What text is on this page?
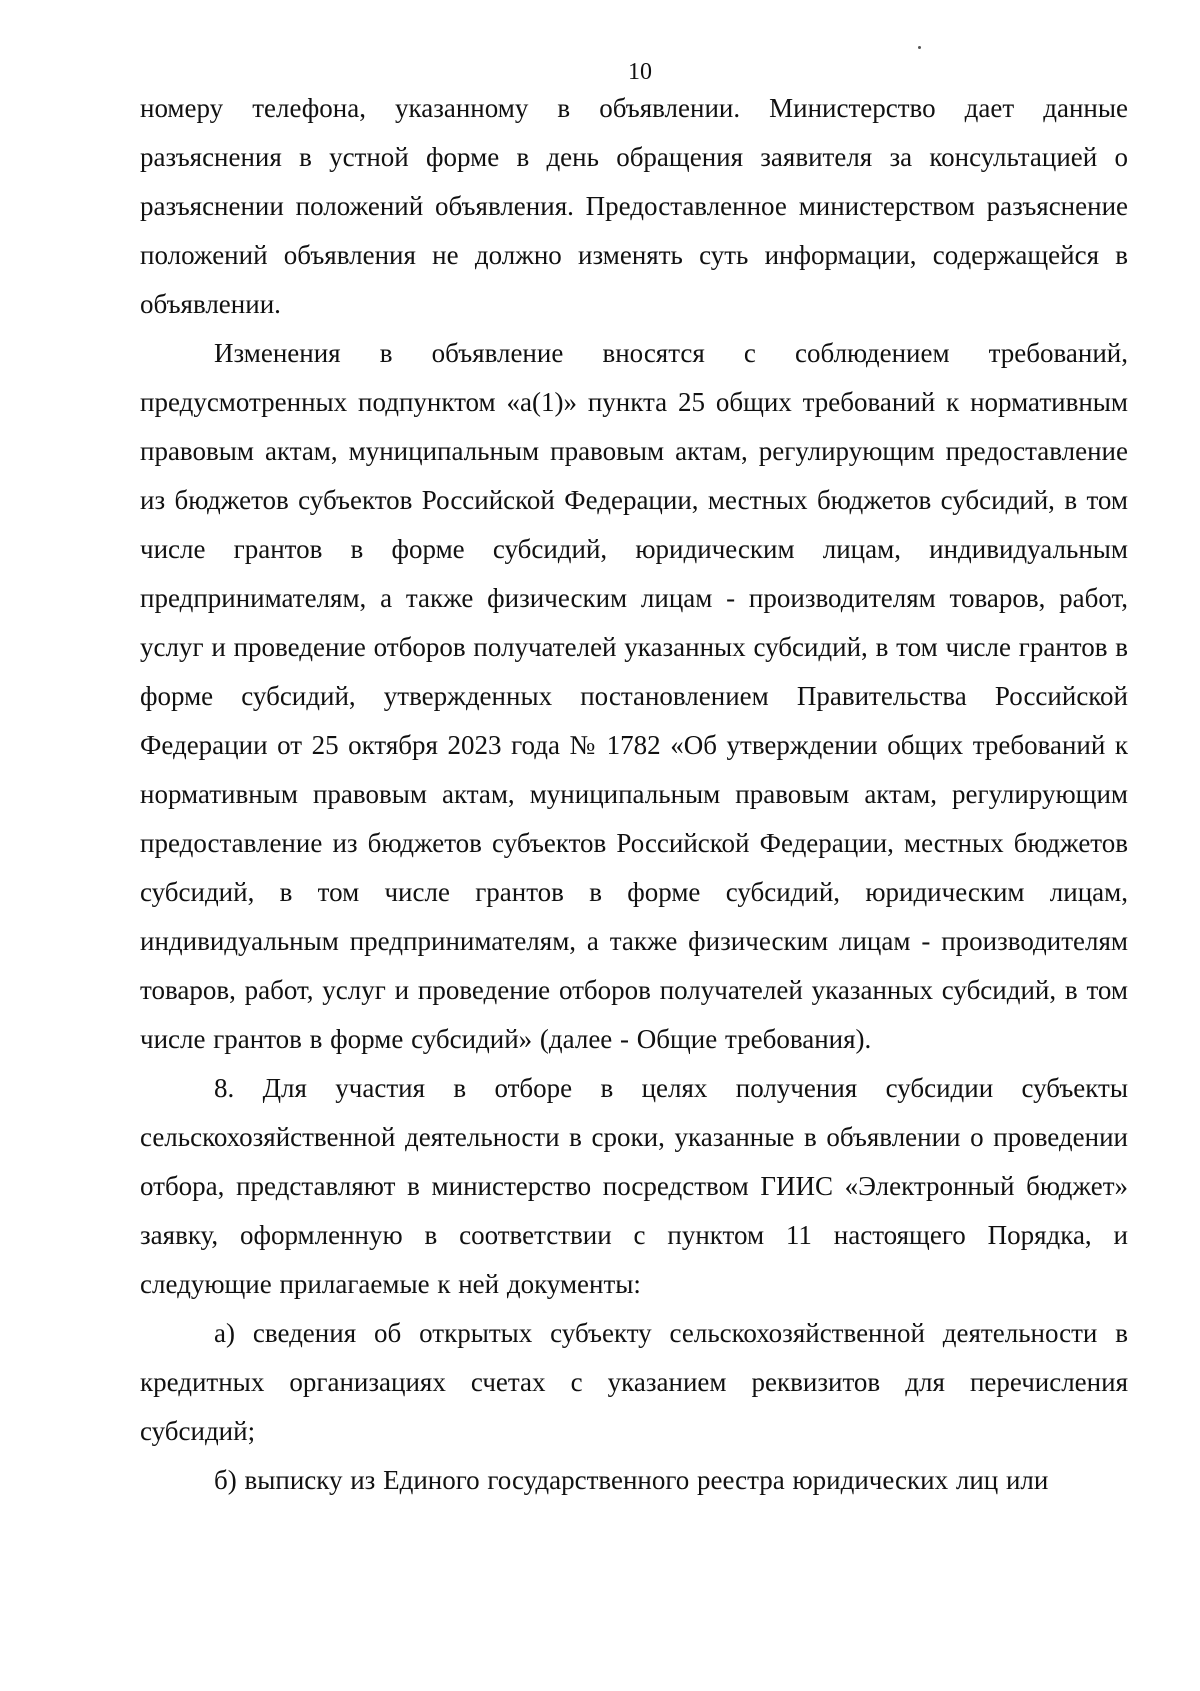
10

номеру телефона, указанному в объявлении. Министерство дает данные разъяснения в устной форме в день обращения заявителя за консультацией о разъяснении положений объявления. Предоставленное министерством разъяснение положений объявления не должно изменять суть информации, содержащейся в объявлении.

Изменения в объявление вносятся с соблюдением требований, предусмотренных подпунктом «а(1)» пункта 25 общих требований к нормативным правовым актам, муниципальным правовым актам, регулирующим предоставление из бюджетов субъектов Российской Федерации, местных бюджетов субсидий, в том числе грантов в форме субсидий, юридическим лицам, индивидуальным предпринимателям, а также физическим лицам - производителям товаров, работ, услуг и проведение отборов получателей указанных субсидий, в том числе грантов в форме субсидий, утвержденных постановлением Правительства Российской Федерации от 25 октября 2023 года № 1782 «Об утверждении общих требований к нормативным правовым актам, муниципальным правовым актам, регулирующим предоставление из бюджетов субъектов Российской Федерации, местных бюджетов субсидий, в том числе грантов в форме субсидий, юридическим лицам, индивидуальным предпринимателям, а также физическим лицам - производителям товаров, работ, услуг и проведение отборов получателей указанных субсидий, в том числе грантов в форме субсидий» (далее - Общие требования).

8. Для участия в отборе в целях получения субсидии субъекты сельскохозяйственной деятельности в сроки, указанные в объявлении о проведении отбора, представляют в министерство посредством ГИИС «Электронный бюджет» заявку, оформленную в соответствии с пунктом 11 настоящего Порядка, и следующие прилагаемые к ней документы:

а) сведения об открытых субъекту сельскохозяйственной деятельности в кредитных организациях счетах с указанием реквизитов для перечисления субсидий;

б) выписку из Единого государственного реестра юридических лиц или
